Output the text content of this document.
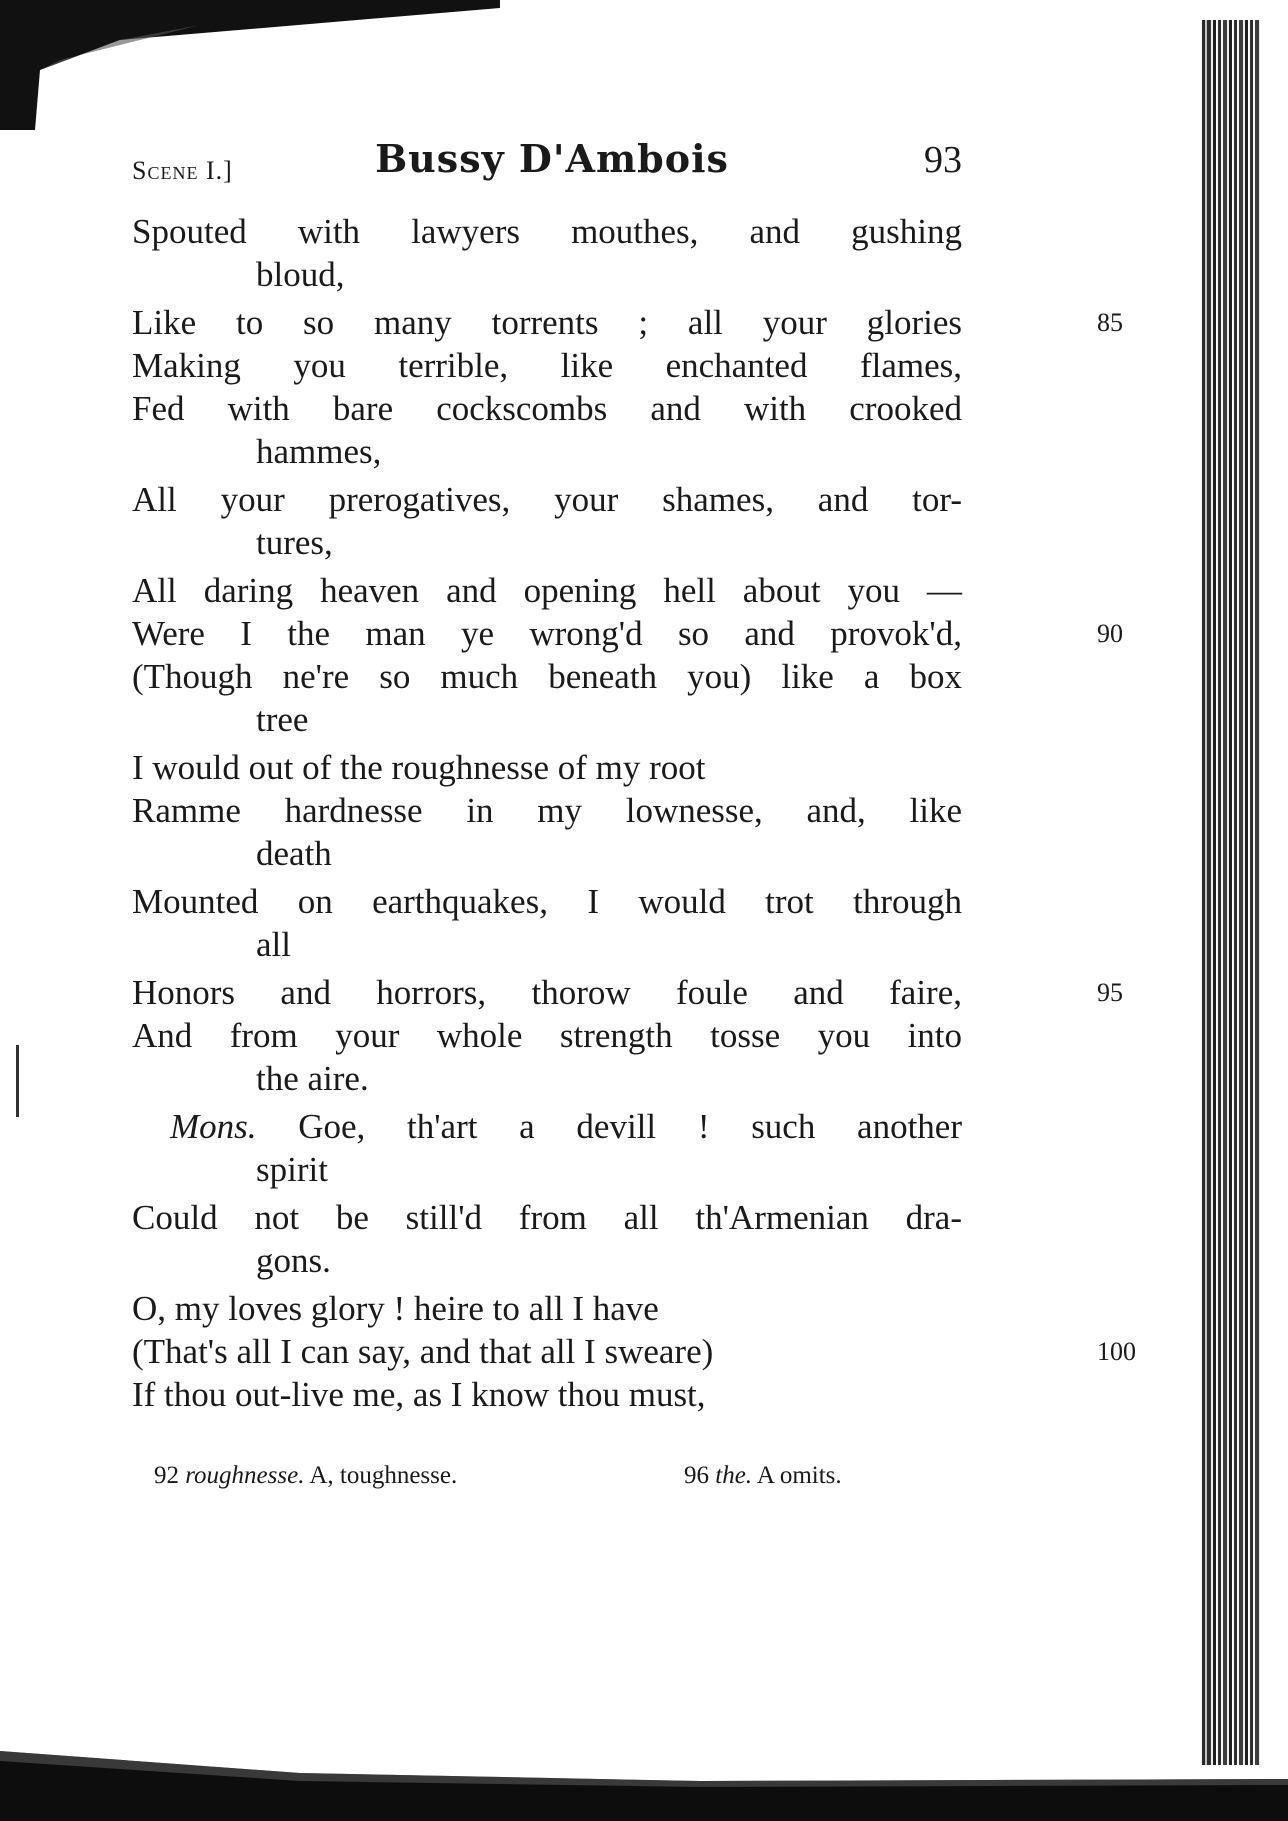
Scene I.]	Bussy D'Ambois	93
Spouted with lawyers mouthes, and gushing
bloud,
Like to so many torrents ; all your glories	85
Making you terrible, like enchanted flames,
Fed with bare cockscombs and with crooked
hammes,
All your prerogatives, your shames, and tor-
tures,
All daring heaven and opening hell about you —
Were I the man ye wrong'd so and provok'd,	90
(Though ne're so much beneath you) like a box
tree
I would out of the roughnesse of my root
Ramme hardnesse in my lownesse, and, like
death
Mounted on earthquakes, I would trot through
all
Honors and horrors, thorow foule and faire,	95
And from your whole strength tosse you into
the aire.
Mons. Goe, th'art a devill ! such another
spirit
Could not be still'd from all th'Armenian dra-
gons.
O, my loves glory ! heire to all I have
(That's all I can say, and that all I sweare)	100
If thou out-live me, as I know thou must,
92 roughnesse. A, toughnesse.	96 the. A omits.
